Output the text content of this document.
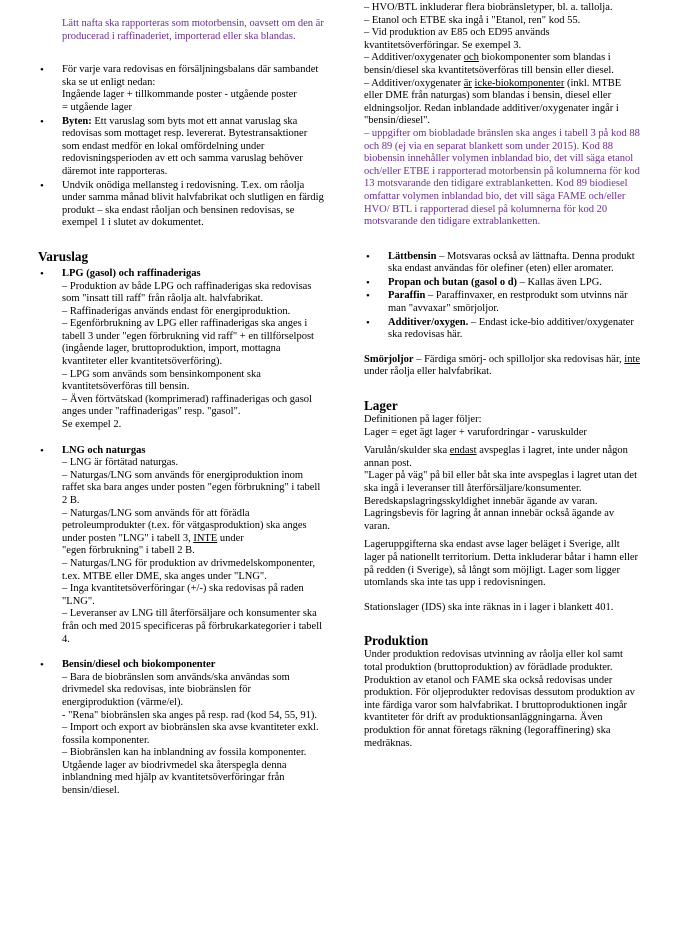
Lätt nafta ska rapporteras som motorbensin, oavsett om den är producerad i raffinaderiet, importerad eller ska blandas.

• För varje vara redovisas en försäljningsbalans där sambandet ska se ut enligt nedan:

Ingående lager + tillkommande poster - utgående poster

= utgående lager

• Byten: Ett varuslag som byts mot ett annat varuslag ska redovisas som mottaget resp. levererat. Bytestransaktioner som endast medför en lokal omfördelning under redovisningsperioden av ett och samma varuslag behöver däremot inte rapporteras.
• Undvik onödiga mellansteg i redovisning. T.ex. om råolja under samma månad blivit halvfabrikat och slutligen en färdig produkt – ska endast råoljan och bensinen redovisas, se exempel 1 i slutet av dokumentet.

Varuslag

• LPG (gasol) och raffinaderigas

– Produktion av både LPG och raffinaderigas ska redovisas som "insatt till raff" från råolja alt. halvfabrikat.

– Raffinaderigas används endast för energiproduktion.

– Egenförbrukning av LPG eller raffinaderigas ska anges i tabell 3 under "egen förbrukning vid raff" + en tillförselpost (ingående lager, bruttoproduktion, import, mottagna kvantiteter eller kvantitetsöverföring).

– LPG som används som bensinkomponent ska kvantitetsöverföras till bensin.

– Även förtvätskad (komprimerad) raffinaderigas och gasol anges under "raffinaderigas" resp. "gasol".

Se exempel 2.

• LNG och naturgas

– LNG är förtätad naturgas.

– Naturgas/LNG som används för energiproduktion inom raffet ska bara anges under posten "egen förbrukning" i tabell 2 B.

– Naturgas/LNG som används för att förädla petroleumprodukter (t.ex. för vätgasproduktion) ska anges under posten "LNG" i tabell 3, INTE under

"egen förbrukning" i tabell 2 B.

– Naturgas/LNG för produktion av drivmedelskomponenter, t.ex. MTBE eller DME, ska anges under "LNG".

– Inga kvantitetsöverföringar (+/-) ska redovisas på raden "LNG".

– Leveranser av LNG till återförsäljare och konsumenter ska från och med 2015 specificeras på förbrukarkategorier i tabell 4.

• Bensin/diesel och biokomponenter

– Bara de biobränslen som används/ska användas som drivmedel ska redovisas, inte biobränslen för energiproduktion (värme/el).

- "Rena" biobränslen ska anges på resp. rad (kod 54, 55, 91).

– Import och export av biobränslen ska avse kvantiteter exkl. fossila komponenter.

– Biobränslen kan ha inblandning av fossila komponenter. Utgående lager av biodrivmedel ska återspegla denna inblandning med hjälp av kvantitetsöverföringar från bensin/diesel.

– HVO/BTL inkluderar flera biobränsletyper, bl. a. tallolja.

– Etanol och ETBE ska ingå i "Etanol, ren" kod 55.

– Vid produktion av E85 och ED95 används kvantitetsöverföringar. Se exempel 3.

– Additiver/oxygenater och biokomponenter som blandas i bensin/diesel ska kvantitetsöverföras till bensin eller diesel.

– Additiver/oxygenater är icke-biokomponenter (inkl. MTBE eller DME från naturgas) som blandas i bensin, diesel eller eldningsoljor. Redan inblandade additiver/oxygenater ingår i "bensin/diesel".

– uppgifter om biobladade bränslen ska anges i tabell 3 på kod 88 och 89 (ej via en separat blankett som under 2015). Kod 88 biobensin innehåller volymen inblandad bio, det vill säga etanol och/eller ETBE i rapporterad motorbensin på kolumnerna för kod 13 motsvarande den tidigare extrablanketten. Kod 89 biodiesel omfattar volymen inblandad bio, det vill säga FAME och/eller HVO/ BTL i rapporterad diesel på kolumnerna för kod 20 motsvarande den tidigare extrablanketten.

• Lättbensin – Motsvaras också av lättnafta. Denna produkt ska endast användas för olefiner (eten) eller aromater.
• Propan och butan (gasol o d) – Kallas även LPG.
• Paraffin – Paraffinvaxer, en restprodukt som utvinns när man "avvaxar" smörjoljor.
• Additiver/oxygen. – Endast icke-bio additiver/oxygenater ska redovisas här.

Smörjoljor – Färdiga smörj- och spilloljor ska redovisas här, inte under råolja eller halvfabrikat.

Lager

Definitionen på lager följer:

Lager = eget ägt lager + varufordringar - varuskulder

Varulån/skulder ska endast avspeglas i lagret, inte under någon annan post.

"Lager på väg" på bil eller båt ska inte avspeglas i lagret utan det ska ingå i leveranser till återförsäljare/konsumenter. Beredskapslagringsskyldighet innebär ägande av varan. Lagringsbevis för lagring åt annan innebär också ägande av varan.

Lageruppgifterna ska endast avse lager beläget i Sverige, allt lager på nationellt territorium. Detta inkluderar båtar i hamn eller på redden (i Sverige), så långt som möjligt. Lager som ligger utomlands ska inte tas upp i redovisningen.

Stationslager (IDS) ska inte räknas in i lager i blankett 401.

Produktion

Under produktion redovisas utvinning av råolja eller kol samt total produktion (bruttoproduktion) av förädlade produkter. Produktion av etanol och FAME ska också redovisas under produktion. För oljeprodukter redovisas dessutom produktion av inte färdiga varor som halvfabrikat. I bruttoproduktionen ingår kvantiteter för drift av produktionsanläggningarna. Även produktion för annat företags räkning (legoraffinering) ska medräknas.
